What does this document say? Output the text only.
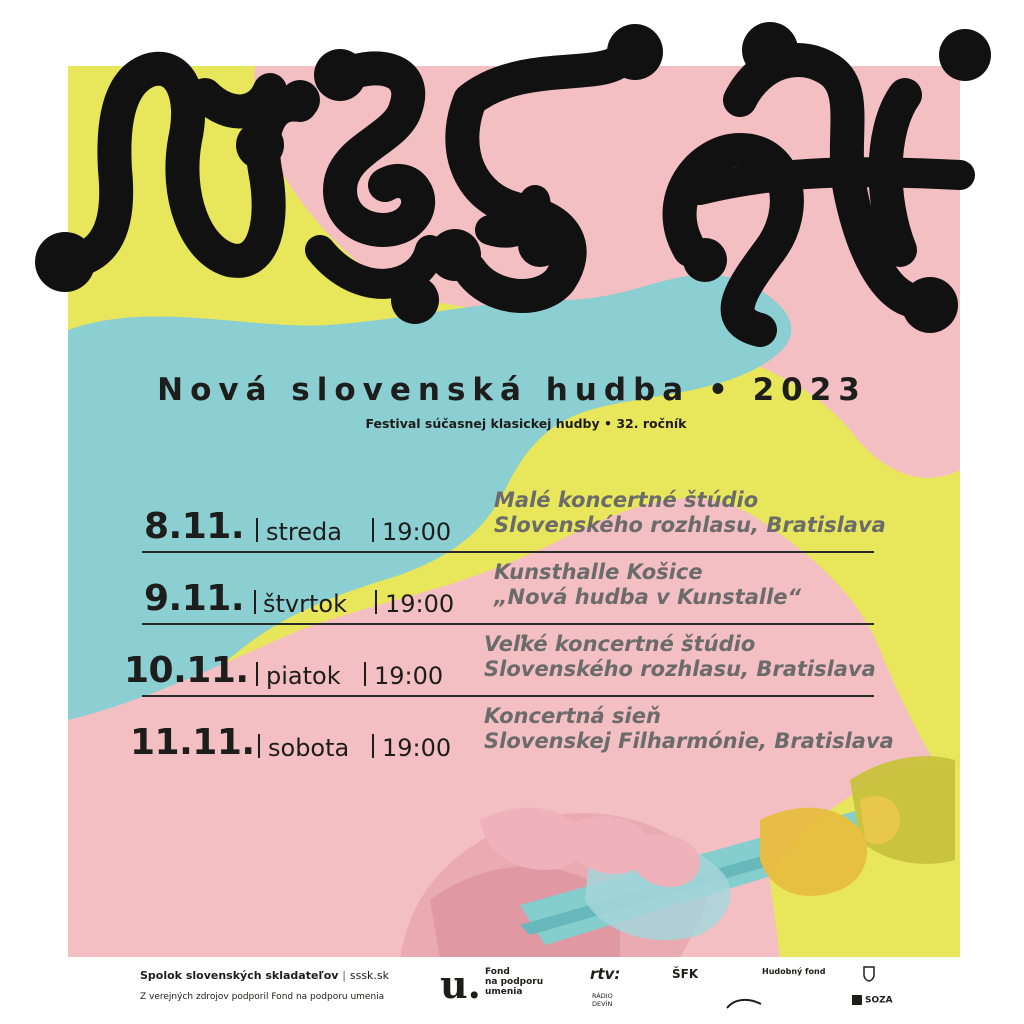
Nová slovenská hudba • 2023
Festival súčasnej klasickej hudby • 32. ročník
8.11. streda 19:00
Malé koncertné štúdio
Slovenského rozhlasu, Bratislava
9.11. štvrtok 19:00
Kunsthalle Košice
„Nová hudba v Kunstalle“
10.11. piatok 19:00
Veľké koncertné štúdio
Slovenského rozhlasu, Bratislava
11.11. sobota 19:00
Koncertná sieň
Slovenskej Filharmónie, Bratislava
Spolok slovenských skladateľov | sssk.sk
Z verejných zdrojov podporil Fond na podporu umenia u. Fond
na podporu
umenia
rtv:
RÁDIO
DEVÍN
ŠFK	Hudobný fond
SOZA
